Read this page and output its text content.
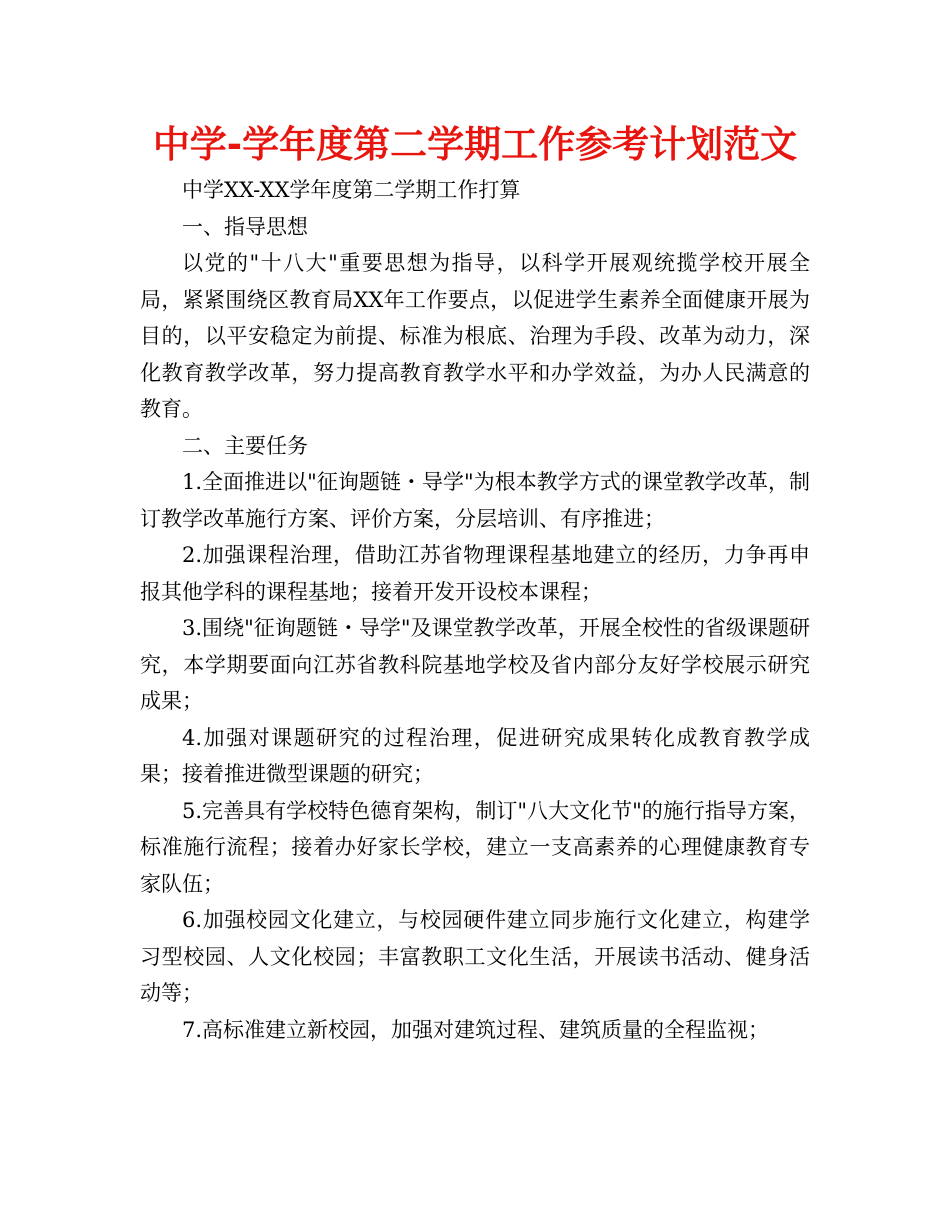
中学-学年度第二学期工作参考计划范文

中学XX-XX学年度第二学期工作打算

一、指导思想

以党的"十八大"重要思想为指导，以科学开展观统揽学校开展全局，紧紧围绕区教育局XX年工作要点，以促进学生素养全面健康开展为目的，以平安稳定为前提、标准为根底、治理为手段、改革为动力，深化教育教学改革，努力提高教育教学水平和办学效益，为办人民满意的教育。

二、主要任务

1.全面推进以"征询题链・导学"为根本教学方式的课堂教学改革，制订教学改革施行方案、评价方案，分层培训、有序推进；

2.加强课程治理，借助江苏省物理课程基地建立的经历，力争再申报其他学科的课程基地；接着开发开设校本课程；

3.围绕"征询题链・导学"及课堂教学改革，开展全校性的省级课题研究，本学期要面向江苏省教科院基地学校及省内部分友好学校展示研究成果；

4.加强对课题研究的过程治理，促进研究成果转化成教育教学成果；接着推进微型课题的研究；

5.完善具有学校特色德育架构，制订"八大文化节"的施行指导方案，标准施行流程；接着办好家长学校，建立一支高素养的心理健康教育专家队伍；

6.加强校园文化建立，与校园硬件建立同步施行文化建立，构建学习型校园、人文化校园；丰富教职工文化生活，开展读书活动、健身活动等；

7.高标准建立新校园，加强对建筑过程、建筑质量的全程监视；
